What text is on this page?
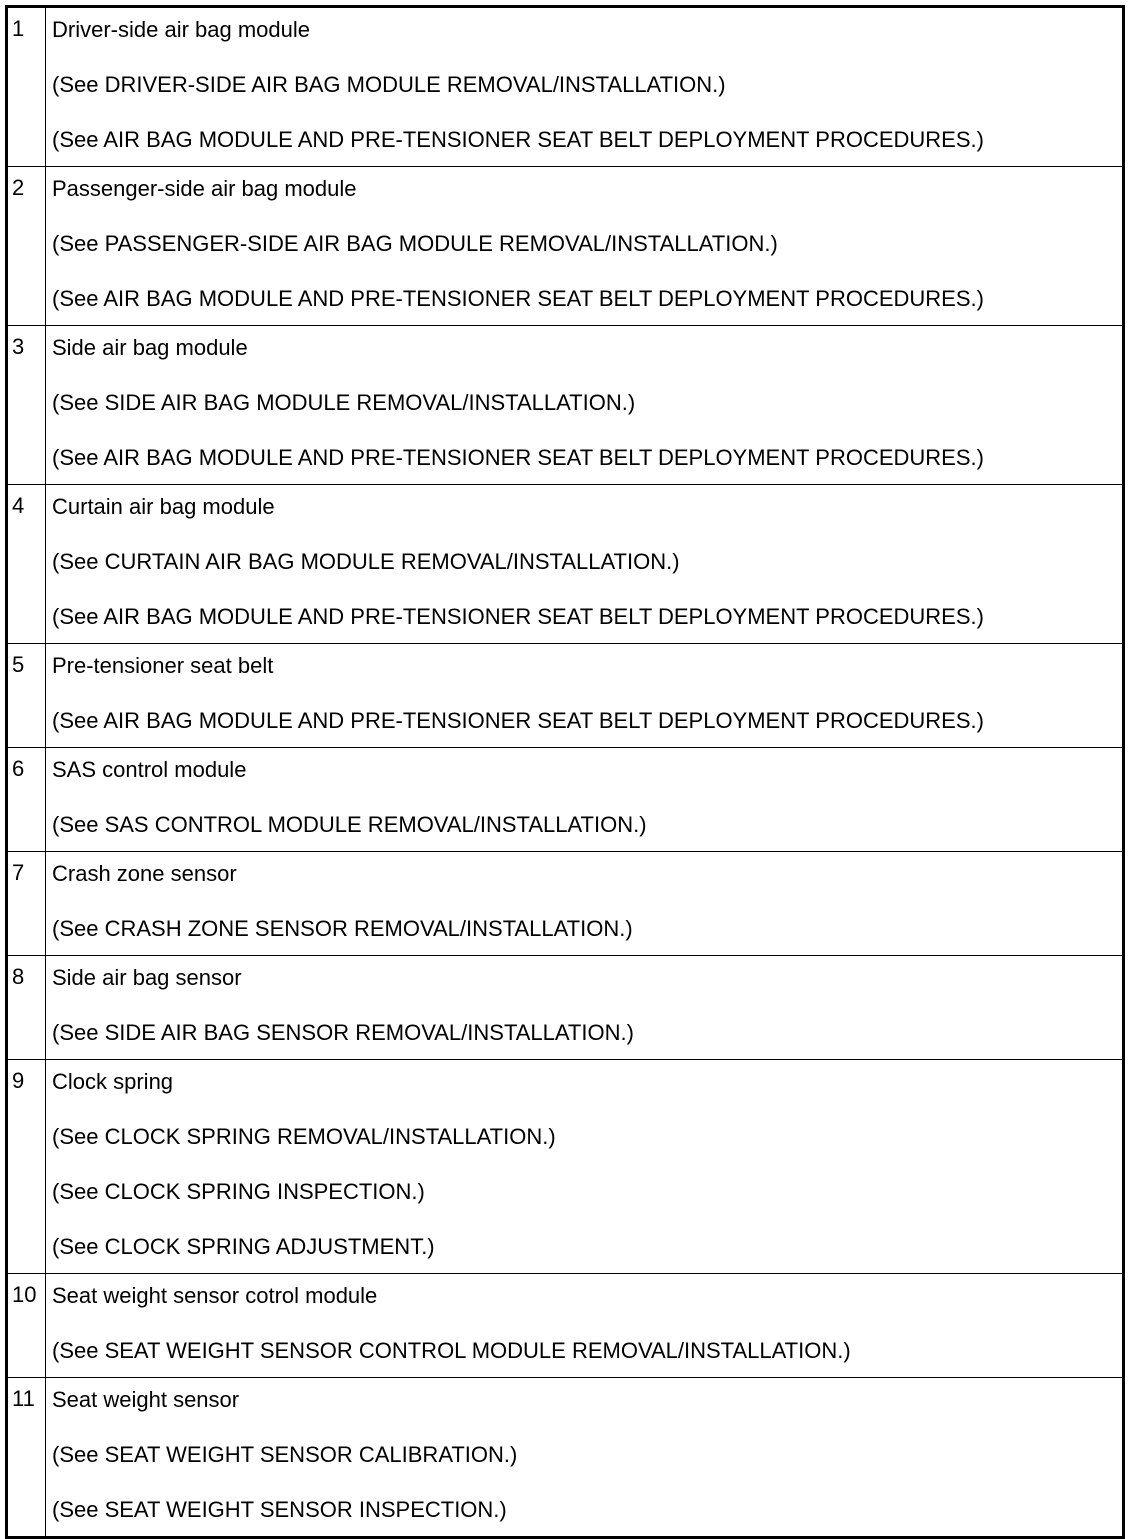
1	Driver-side air bag module
(See DRIVER-SIDE AIR BAG MODULE REMOVAL/INSTALLATION.)
(See AIR BAG MODULE AND PRE-TENSIONER SEAT BELT DEPLOYMENT PROCEDURES.)

2	Passenger-side air bag module
(See PASSENGER-SIDE AIR BAG MODULE REMOVAL/INSTALLATION.)
(See AIR BAG MODULE AND PRE-TENSIONER SEAT BELT DEPLOYMENT PROCEDURES.)

3	Side air bag module
(See SIDE AIR BAG MODULE REMOVAL/INSTALLATION.)
(See AIR BAG MODULE AND PRE-TENSIONER SEAT BELT DEPLOYMENT PROCEDURES.)

4	Curtain air bag module
(See CURTAIN AIR BAG MODULE REMOVAL/INSTALLATION.)
(See AIR BAG MODULE AND PRE-TENSIONER SEAT BELT DEPLOYMENT PROCEDURES.)

5	Pre-tensioner seat belt
(See AIR BAG MODULE AND PRE-TENSIONER SEAT BELT DEPLOYMENT PROCEDURES.)

6	SAS control module
(See SAS CONTROL MODULE REMOVAL/INSTALLATION.)

7	Crash zone sensor
(See CRASH ZONE SENSOR REMOVAL/INSTALLATION.)

8	Side air bag sensor
(See SIDE AIR BAG SENSOR REMOVAL/INSTALLATION.)

9	Clock spring
(See CLOCK SPRING REMOVAL/INSTALLATION.)
(See CLOCK SPRING INSPECTION.)
(See CLOCK SPRING ADJUSTMENT.)

10	Seat weight sensor cotrol module
(See SEAT WEIGHT SENSOR CONTROL MODULE REMOVAL/INSTALLATION.)

11	Seat weight sensor
(See SEAT WEIGHT SENSOR CALIBRATION.)
(See SEAT WEIGHT SENSOR INSPECTION.)
